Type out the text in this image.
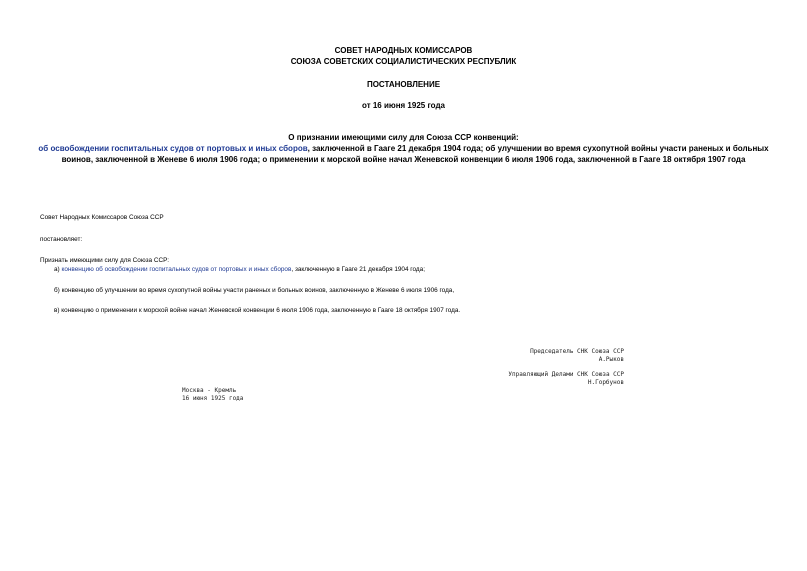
СОВЕТ НАРОДНЫХ КОМИССАРОВ
СОЮЗА СОВЕТСКИХ СОЦИАЛИСТИЧЕСКИХ РЕСПУБЛИК
ПОСТАНОВЛЕНИЕ
от 16 июня 1925 года
О признании имеющими силу для Союза ССР конвенций:
об освобождении госпитальных судов от портовых и иных сборов, заключенной в Гааге 21 декабря 1904 года; об улучшении во время сухопутной войны участи раненых и больных воинов, заключенной в Женеве 6 июля 1906 года; о применении к морской войне начал Женевской конвенции 6 июля 1906 года, заключенной в Гааге 18 октября 1907 года
Совет Народных Комиссаров Союза ССР
постановляет:
Признать имеющими силу для Союза ССР:
а) конвенцию об освобождении госпитальных судов от портовых и иных сборов, заключенную в Гааге 21 декабря 1904 года;
б) конвенцию об улучшении во время сухопутной войны участи раненых и больных воинов, заключенную в Женеве 6 июля 1906 года,
в) конвенцию о применении к морской войне начал Женевской конвенции 6 июля 1906 года, заключенную в Гааге 18 октября 1907 года.
Председатель СНК Союза ССР
А.Рыков
Управляющий Делами СНК Союза ССР
Н.Горбунов
Москва - Кремль
16 июня 1925 года
